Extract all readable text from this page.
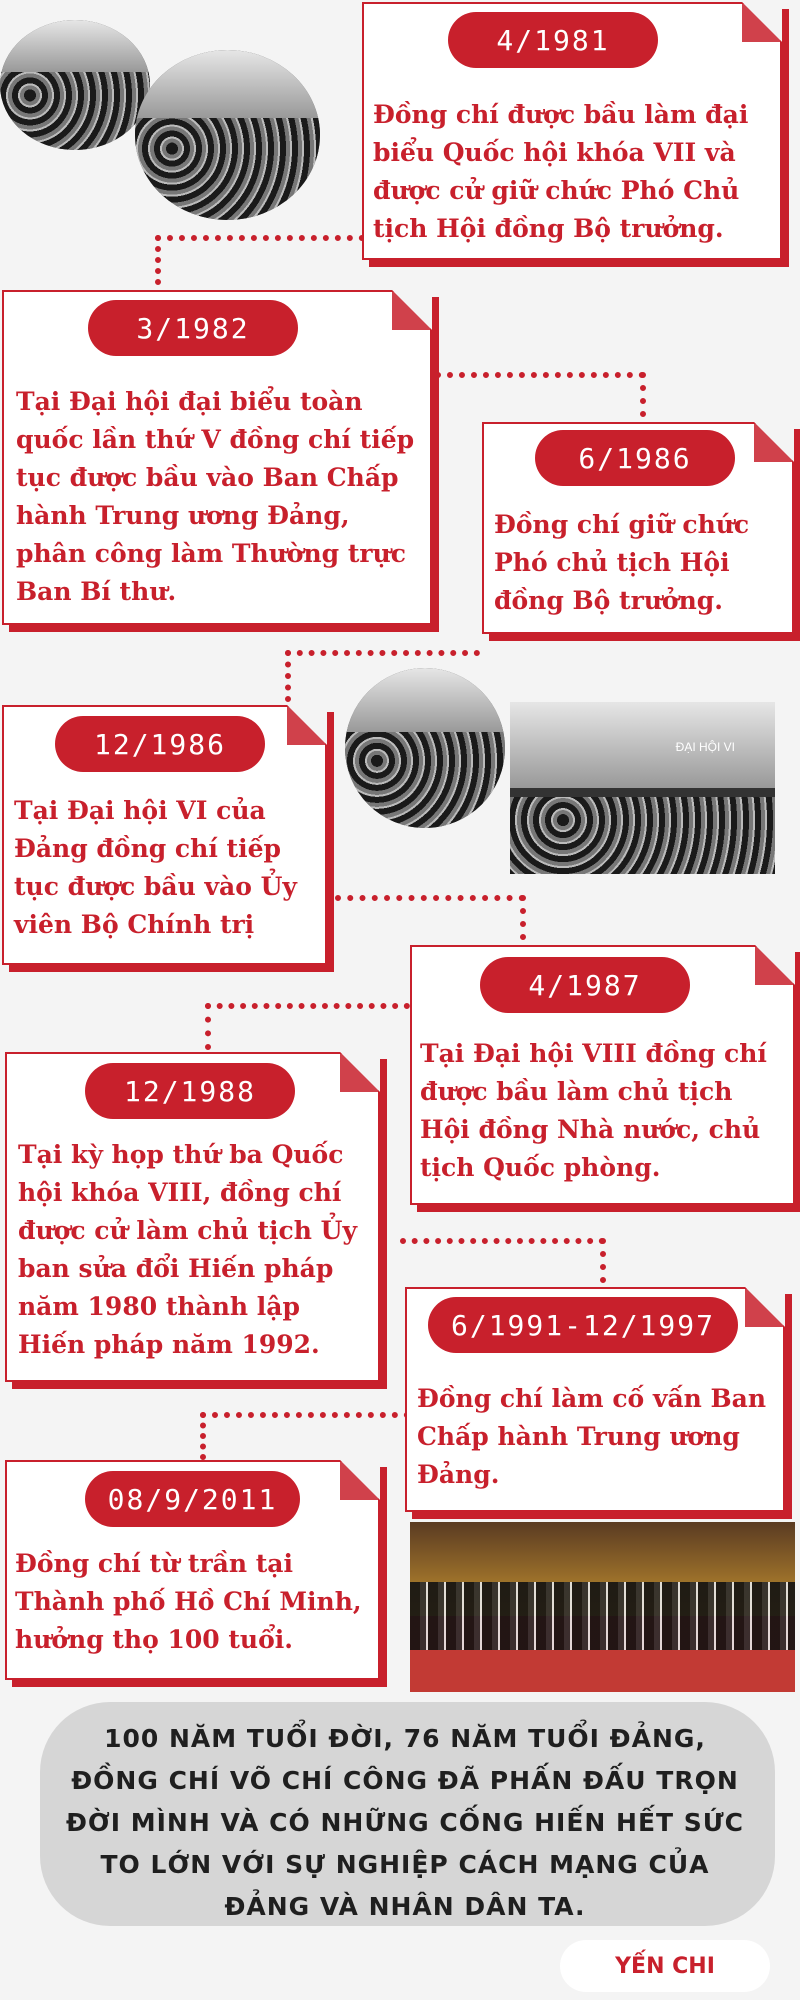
ĐẠI HỘI VI
4/1981
Đồng chí được bầu làm đại biểu Quốc hội khóa VII và được cử giữ chức Phó Chủ tịch Hội đồng Bộ trưởng.
3/1982
Tại Đại hội đại biểu toàn quốc lần thứ V đồng chí tiếp tục được bầu vào Ban Chấp hành Trung ương Đảng, phân công làm Thường trực Ban Bí thư.
6/1986
Đồng chí giữ chức Phó chủ tịch Hội đồng Bộ trưởng.
12/1986
Tại Đại hội VI của Đảng đồng chí tiếp tục được bầu vào Ủy viên Bộ Chính trị
4/1987
Tại Đại hội VIII đồng chí được bầu làm chủ tịch Hội đồng Nhà nước, chủ tịch Quốc phòng.
12/1988
Tại kỳ họp thứ ba Quốc hội khóa VIII, đồng chí được cử làm chủ tịch Ủy ban sửa đổi Hiến pháp năm 1980 thành lập Hiến pháp năm 1992.
6/1991-12/1997
Đồng chí làm cố vấn Ban Chấp hành Trung ương Đảng.
08/9/2011
Đồng chí từ trần tại Thành phố Hồ Chí Minh, hưởng thọ 100 tuổi.
100 NĂM TUỔI ĐỜI, 76 NĂM TUỔI ĐẢNG, ĐỒNG CHÍ VÕ CHÍ CÔNG ĐÃ PHẤN ĐẤU TRỌN ĐỜI MÌNH VÀ CÓ NHỮNG CỐNG HIẾN HẾT SỨC TO LỚN VỚI SỰ NGHIỆP CÁCH MẠNG CỦA ĐẢNG VÀ NHÂN DÂN TA.
YẾN CHI
